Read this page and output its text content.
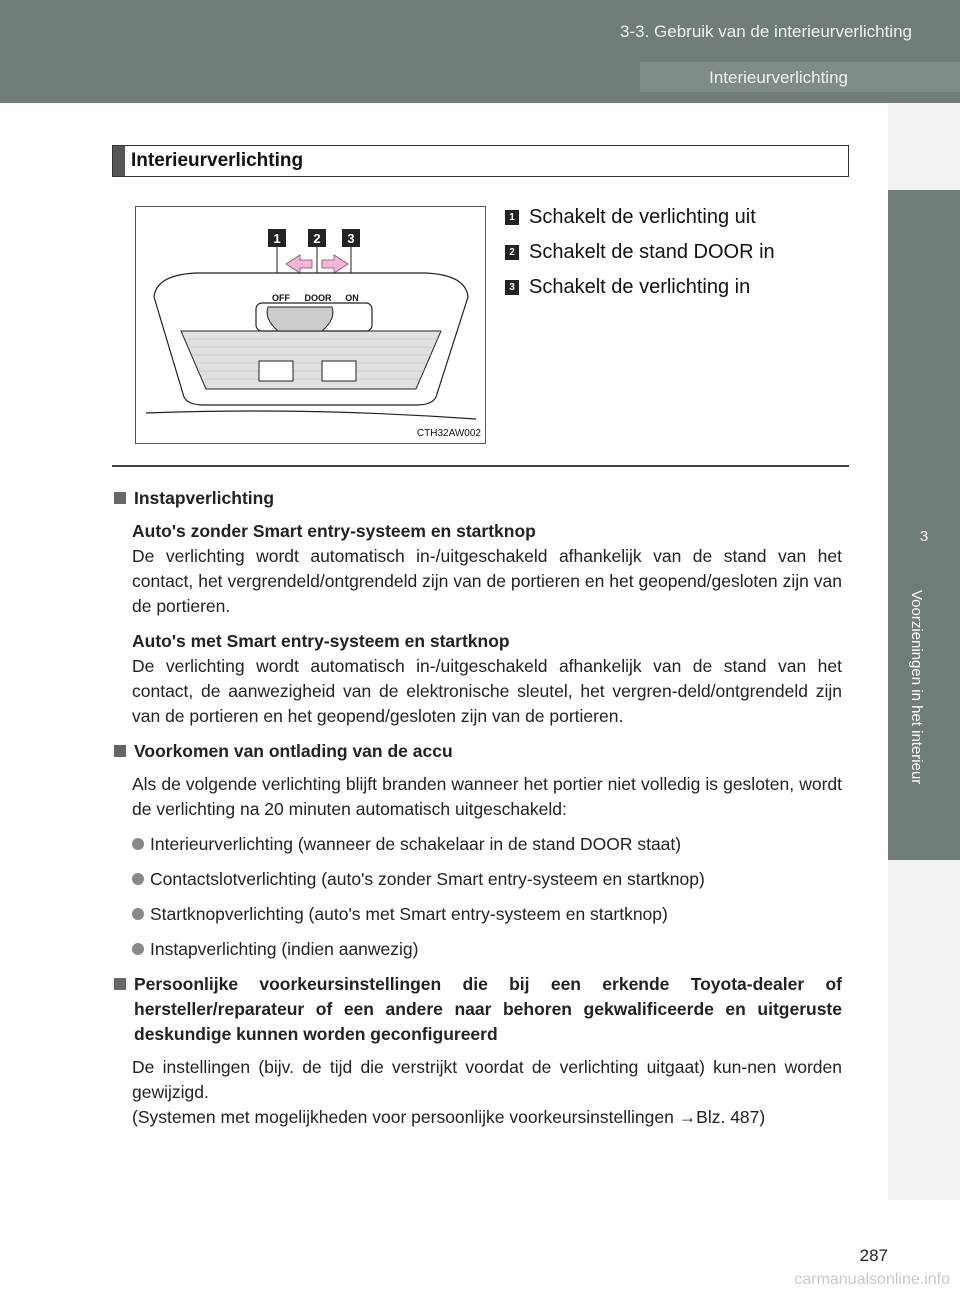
3-3. Gebruik van de interieurverlichting
Interieurverlichting
3
Voorzieningen in het interieur
Interieurverlichting
1	2 3
OFF DOOR ON
CTH32AW002
1 Schakelt de verlichting uit
2 Schakelt de stand DOOR in
3 Schakelt de verlichting in
Instapverlichting
Auto's zonder Smart entry-systeem en startknop
De verlichting wordt automatisch in-/uitgeschakeld afhankelijk van de stand van het contact, het vergrendeld/ontgrendeld zijn van de portieren en het geopend/gesloten zijn van de portieren.
Auto's met Smart entry-systeem en startknop
De verlichting wordt automatisch in-/uitgeschakeld afhankelijk van de stand van het contact, de aanwezigheid van de elektronische sleutel, het vergren-deld/ontgrendeld zijn van de portieren en het geopend/gesloten zijn van de portieren.
Voorkomen van ontlading van de accu
Als de volgende verlichting blijft branden wanneer het portier niet volledig is gesloten, wordt de verlichting na 20 minuten automatisch uitgeschakeld:
Interieurverlichting (wanneer de schakelaar in de stand DOOR staat)
Contactslotverlichting (auto's zonder Smart entry-systeem en startknop)
Startknopverlichting (auto's met Smart entry-systeem en startknop)
Instapverlichting (indien aanwezig)
Persoonlijke voorkeursinstellingen die bij een erkende Toyota-dealer of hersteller/reparateur of een andere naar behoren gekwalificeerde en uitgeruste deskundige kunnen worden geconfigureerd
De instellingen (bijv. de tijd die verstrijkt voordat de verlichting uitgaat) kun-nen worden gewijzigd.
(Systemen met mogelijkheden voor persoonlijke voorkeursinstellingen →Blz. 487)
287
carmanualsonline.info
